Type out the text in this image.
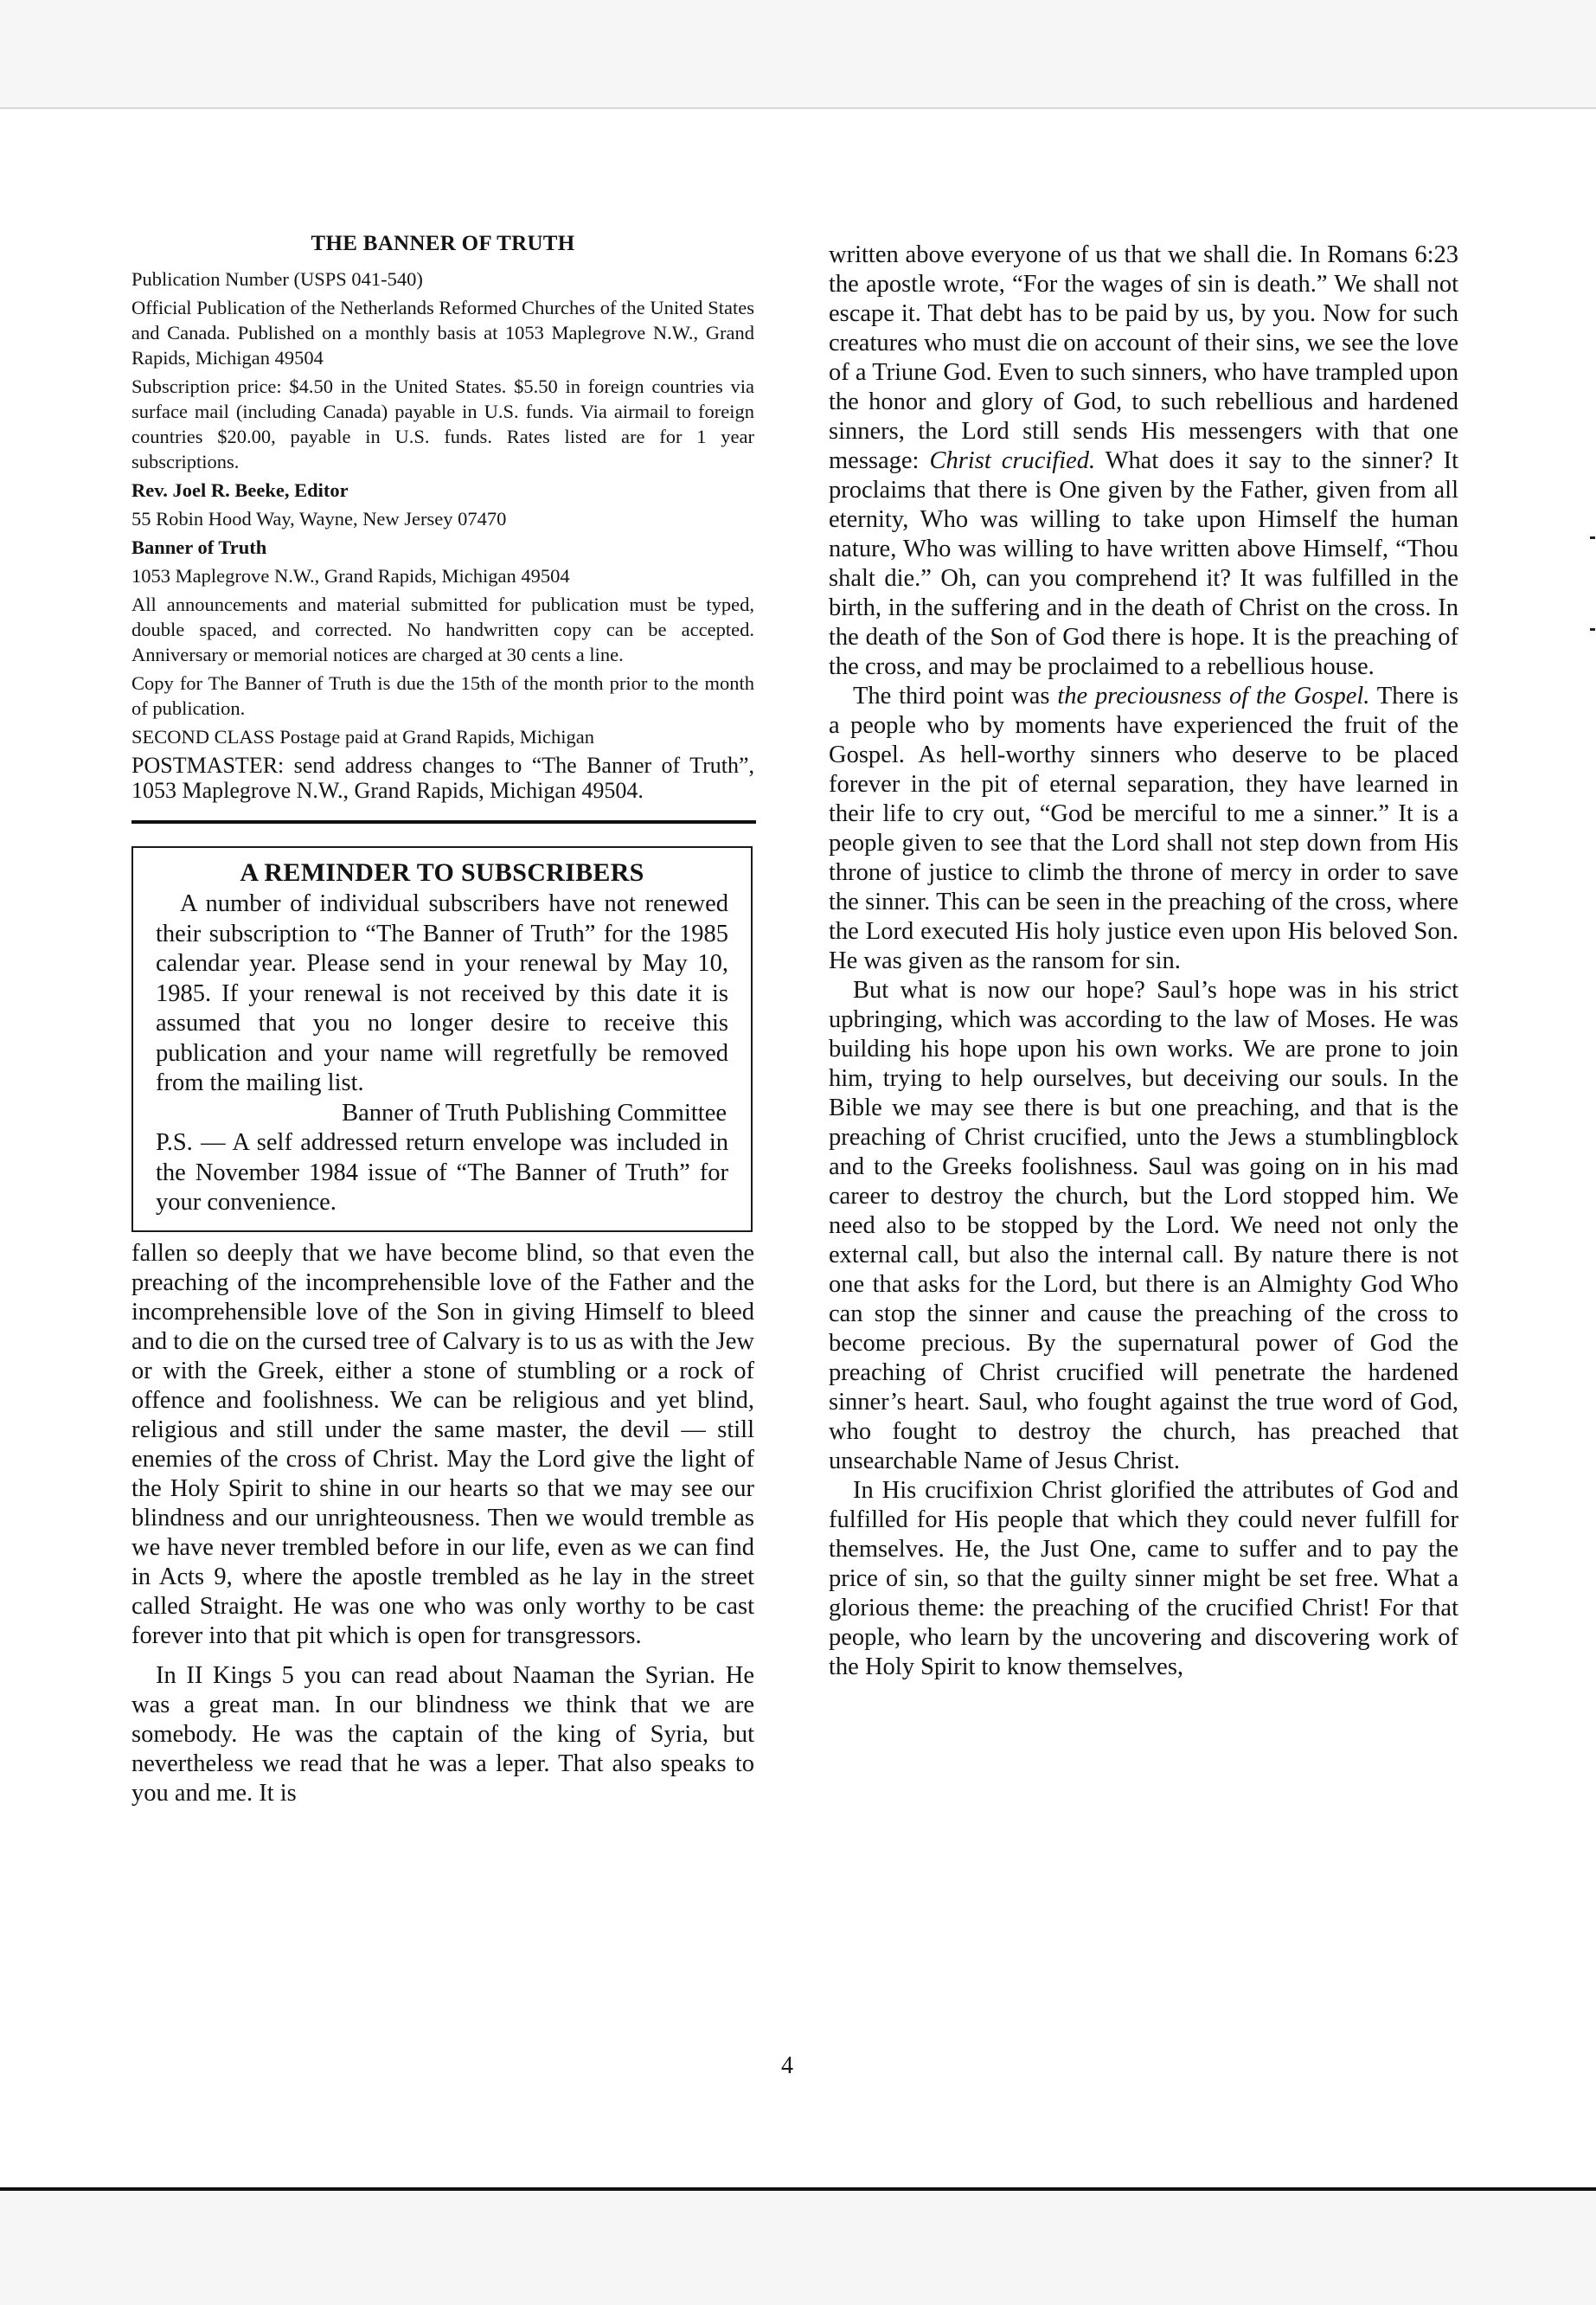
THE BANNER OF TRUTH

Publication Number (USPS 041-540)

Official Publication of the Netherlands Reformed Churches of the United States and Canada. Published on a monthly basis at 1053 Maplegrove N.W., Grand Rapids, Michigan 49504

Subscription price: $4.50 in the United States. $5.50 in foreign countries via surface mail (including Canada) payable in U.S. funds. Via airmail to foreign countries $20.00, payable in U.S. funds. Rates listed are for 1 year subscriptions.

Rev. Joel R. Beeke, Editor

55 Robin Hood Way, Wayne, New Jersey 07470

Banner of Truth

1053 Maplegrove N.W., Grand Rapids, Michigan 49504

All announcements and material submitted for publication must be typed, double spaced, and corrected. No handwritten copy can be accepted. Anniversary or memorial notices are charged at 30 cents a line.

Copy for The Banner of Truth is due the 15th of the month prior to the month of publication.

SECOND CLASS Postage paid at Grand Rapids, Michigan

POSTMASTER: send address changes to “The Banner of Truth”, 1053 Maplegrove N.W., Grand Rapids, Michigan 49504.

A REMINDER TO SUBSCRIBERS

A number of individual subscribers have not renewed their subscription to “The Banner of Truth” for the 1985 calendar year. Please send in your renewal by May 10, 1985. If your renewal is not received by this date it is assumed that you no longer desire to receive this publication and your name will regretfully be removed from the mailing list.

Banner of Truth Publishing Committee

P.S. — A self addressed return envelope was included in the November 1984 issue of “The Banner of Truth” for your convenience.

fallen so deeply that we have become blind, so that even the preaching of the incomprehensible love of the Father and the incomprehensible love of the Son in giving Himself to bleed and to die on the cursed tree of Calvary is to us as with the Jew or with the Greek, either a stone of stumbling or a rock of offence and foolishness. We can be religious and yet blind, religious and still under the same master, the devil — still enemies of the cross of Christ. May the Lord give the light of the Holy Spirit to shine in our hearts so that we may see our blindness and our unrighteousness. Then we would tremble as we have never trembled before in our life, even as we can find in Acts 9, where the apostle trembled as he lay in the street called Straight. He was one who was only worthy to be cast forever into that pit which is open for transgressors.

In II Kings 5 you can read about Naaman the Syrian. He was a great man. In our blindness we think that we are somebody. He was the captain of the king of Syria, but nevertheless we read that he was a leper. That also speaks to you and me. It is

written above everyone of us that we shall die. In Romans 6:23 the apostle wrote, “For the wages of sin is death.” We shall not escape it. That debt has to be paid by us, by you. Now for such creatures who must die on account of their sins, we see the love of a Triune God. Even to such sinners, who have trampled upon the honor and glory of God, to such rebellious and hardened sinners, the Lord still sends His messengers with that one message: Christ crucified. What does it say to the sinner? It proclaims that there is One given by the Father, given from all eternity, Who was willing to take upon Himself the human nature, Who was willing to have written above Himself, “Thou shalt die.” Oh, can you comprehend it? It was fulfilled in the birth, in the suffering and in the death of Christ on the cross. In the death of the Son of God there is hope. It is the preaching of the cross, and may be proclaimed to a rebellious house.

The third point was the preciousness of the Gospel. There is a people who by moments have experienced the fruit of the Gospel. As hell-worthy sinners who deserve to be placed forever in the pit of eternal separation, they have learned in their life to cry out, “God be merciful to me a sinner.” It is a people given to see that the Lord shall not step down from His throne of justice to climb the throne of mercy in order to save the sinner. This can be seen in the preaching of the cross, where the Lord executed His holy justice even upon His beloved Son. He was given as the ransom for sin.

But what is now our hope? Saul’s hope was in his strict upbringing, which was according to the law of Moses. He was building his hope upon his own works. We are prone to join him, trying to help ourselves, but deceiving our souls. In the Bible we may see there is but one preaching, and that is the preaching of Christ crucified, unto the Jews a stumblingblock and to the Greeks foolishness. Saul was going on in his mad career to destroy the church, but the Lord stopped him. We need also to be stopped by the Lord. We need not only the external call, but also the internal call. By nature there is not one that asks for the Lord, but there is an Almighty God Who can stop the sinner and cause the preaching of the cross to become precious. By the supernatural power of God the preaching of Christ crucified will penetrate the hardened sinner’s heart. Saul, who fought against the true word of God, who fought to destroy the church, has preached that unsearchable Name of Jesus Christ.

In His crucifixion Christ glorified the attributes of God and fulfilled for His people that which they could never fulfill for themselves. He, the Just One, came to suffer and to pay the price of sin, so that the guilty sinner might be set free. What a glorious theme: the preaching of the crucified Christ! For that people, who learn by the uncovering and discovering work of the Holy Spirit to know themselves,

4
